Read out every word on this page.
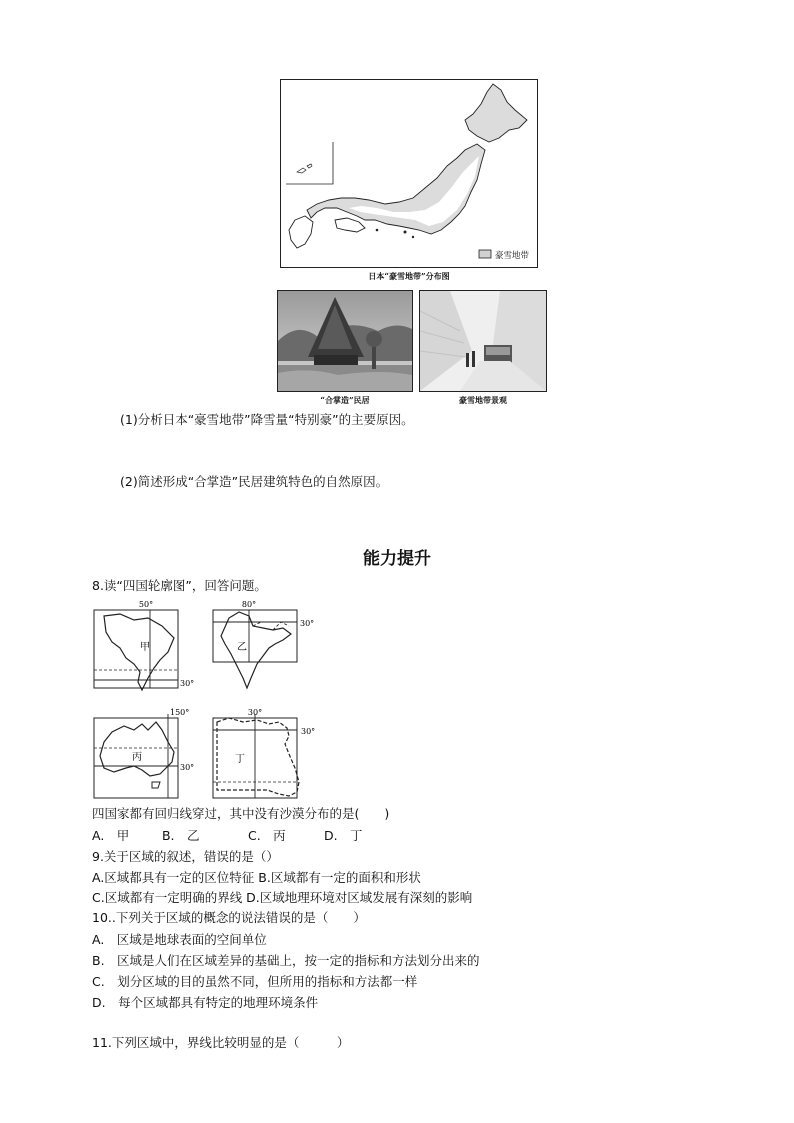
豪雪地带
日本“豪雪地带”分布图
“合掌造”民居	豪雪地带景观
(1)分析日本“豪雪地带”降雪量“特别豪”的主要原因。
(2)简述形成“合掌造”民居建筑特色的自然原因。
能力提升
8.读“四国轮廓图”，回答问题。
50°
30°
甲
80°
30°
乙
150°
30°
丙
30°
30°
丁
四国家都有回归线穿过，其中没有沙漠分布的是(　　)
A.　甲	B.　乙	C.　丙	D.　丁
9.关于区域的叙述，错误的是（）
A.区域都具有一定的区位特征 B.区域都有一定的面积和形状
C.区域都有一定明确的界线 D.区域地理环境对区域发展有深刻的影响
10..下列关于区域的概念的说法错误的是（　　）
A.　区域是地球表面的空间单位
B.　区域是人们在区域差异的基础上，按一定的指标和方法划分出来的
C.　划分区域的目的虽然不同，但所用的指标和方法都一样
D.　每个区域都具有特定的地理环境条件
11.下列区域中，界线比较明显的是（　　　）
